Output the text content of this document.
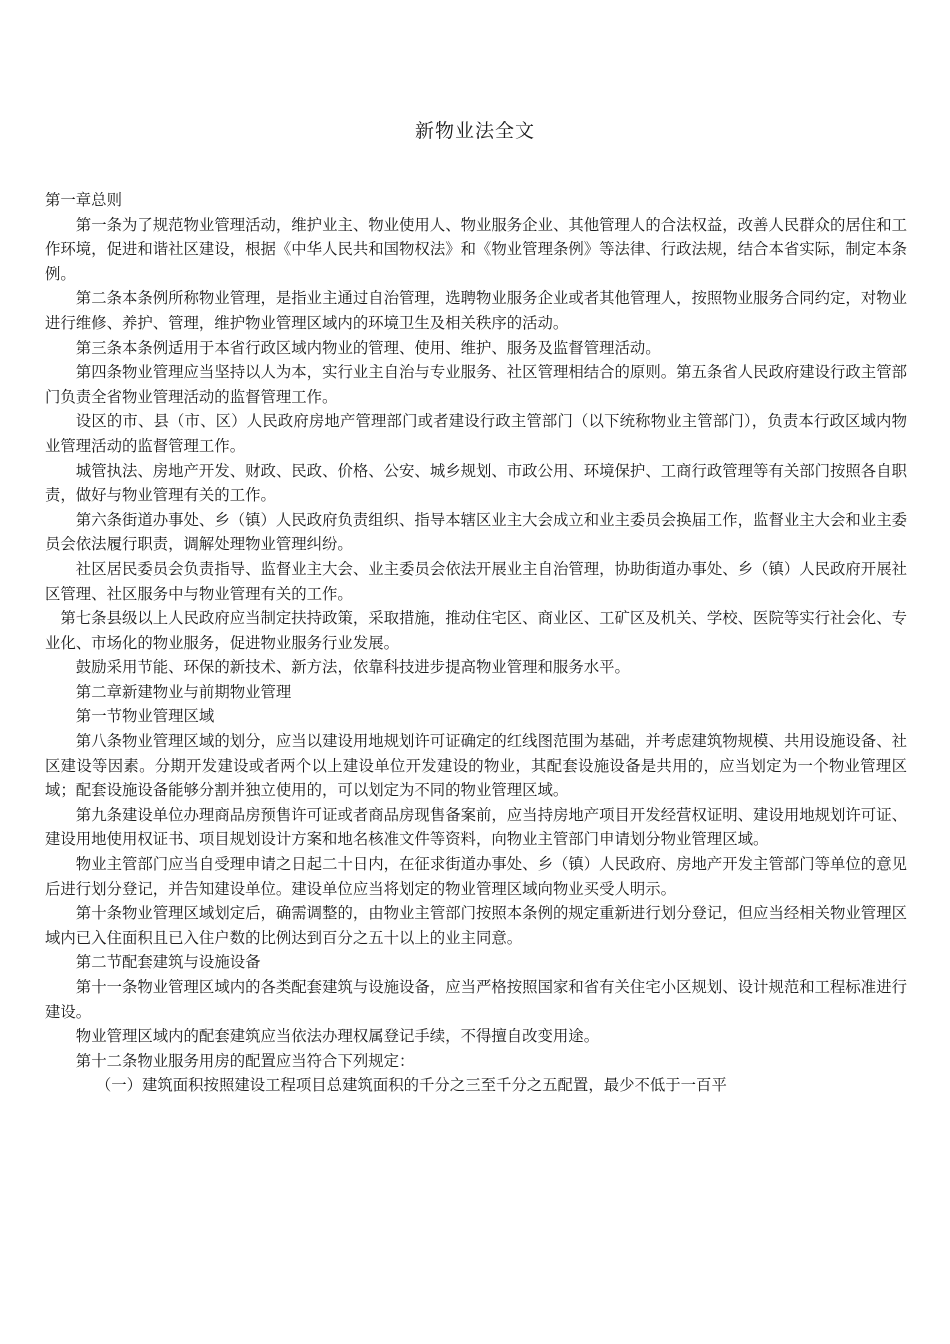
新物业法全文

第一章总则

第一条为了规范物业管理活动，维护业主、物业使用人、物业服务企业、其他管理人的合法权益，改善人民群众的居住和工作环境，促进和谐社区建设，根据《中华人民共和国物权法》和《物业管理条例》等法律、行政法规，结合本省实际，制定本条例。

第二条本条例所称物业管理，是指业主通过自治管理，选聘物业服务企业或者其他管理人，按照物业服务合同约定，对物业进行维修、养护、管理，维护物业管理区域内的环境卫生及相关秩序的活动。

第三条本条例适用于本省行政区域内物业的管理、使用、维护、服务及监督管理活动。

第四条物业管理应当坚持以人为本，实行业主自治与专业服务、社区管理相结合的原则。第五条省人民政府建设行政主管部门负责全省物业管理活动的监督管理工作。

设区的市、县（市、区）人民政府房地产管理部门或者建设行政主管部门（以下统称物业主管部门），负责本行政区域内物业管理活动的监督管理工作。

城管执法、房地产开发、财政、民政、价格、公安、城乡规划、市政公用、环境保护、工商行政管理等有关部门按照各自职责，做好与物业管理有关的工作。

第六条街道办事处、乡（镇）人民政府负责组织、指导本辖区业主大会成立和业主委员会换届工作，监督业主大会和业主委员会依法履行职责，调解处理物业管理纠纷。

社区居民委员会负责指导、监督业主大会、业主委员会依法开展业主自治管理，协助街道办事处、乡（镇）人民政府开展社区管理、社区服务中与物业管理有关的工作。

第七条县级以上人民政府应当制定扶持政策，采取措施，推动住宅区、商业区、工矿区及机关、学校、医院等实行社会化、专业化、市场化的物业服务，促进物业服务行业发展。

鼓励采用节能、环保的新技术、新方法，依靠科技进步提高物业管理和服务水平。

第二章新建物业与前期物业管理

第一节物业管理区域

第八条物业管理区域的划分，应当以建设用地规划许可证确定的红线图范围为基础，并考虑建筑物规模、共用设施设备、社区建设等因素。分期开发建设或者两个以上建设单位开发建设的物业，其配套设施设备是共用的，应当划定为一个物业管理区域；配套设施设备能够分割并独立使用的，可以划定为不同的物业管理区域。

第九条建设单位办理商品房预售许可证或者商品房现售备案前，应当持房地产项目开发经营权证明、建设用地规划许可证、建设用地使用权证书、项目规划设计方案和地名核准文件等资料，向物业主管部门申请划分物业管理区域。

物业主管部门应当自受理申请之日起二十日内，在征求街道办事处、乡（镇）人民政府、房地产开发主管部门等单位的意见后进行划分登记，并告知建设单位。建设单位应当将划定的物业管理区域向物业买受人明示。

第十条物业管理区域划定后，确需调整的，由物业主管部门按照本条例的规定重新进行划分登记，但应当经相关物业管理区域内已入住面积且已入住户数的比例达到百分之五十以上的业主同意。

第二节配套建筑与设施设备

第十一条物业管理区域内的各类配套建筑与设施设备，应当严格按照国家和省有关住宅小区规划、设计规范和工程标准进行建设。

物业管理区域内的配套建筑应当依法办理权属登记手续，不得擅自改变用途。

第十二条物业服务用房的配置应当符合下列规定：

（一）建筑面积按照建设工程项目总建筑面积的千分之三至千分之五配置，最少不低于一百平
